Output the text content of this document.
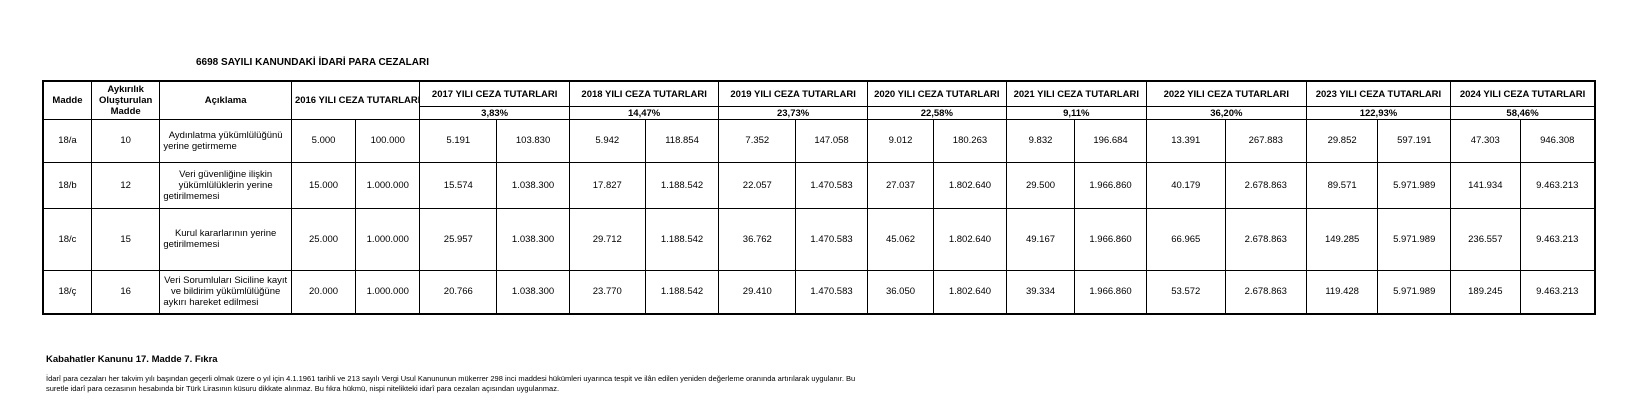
6698 SAYILI KANUNDAKİ İDARİ PARA CEZALARI
Madde	Aykırılık Oluşturulan Madde	Açıklama	2016 YILI CEZA TUTARLARI		2017 YILI CEZA TUTARLARI		2018 YILI CEZA TUTARLARI		2019 YILI CEZA TUTARLARI		2020 YILI CEZA TUTARLARI		2021 YILI CEZA TUTARLARI		2022 YILI CEZA TUTARLARI		2023 YILI CEZA TUTARLARI		2024 YILI CEZA TUTARLARI	
					3,83%		14,47%		23,73%		22,58%		9,11%		36,20%		122,93%		58,46%	
18/a	10	Aydınlatma yükümlülüğünü yerine getirmeme	5.000	100.000	5.191	103.830	5.942	118.854	7.352	147.058	9.012	180.263	9.832	196.684	13.391	267.883	29.852	597.191	47.303	946.308
18/b	12	Veri güvenliğine ilişkin yükümlülüklerin yerine getirilmemesi	15.000	1.000.000	15.574	1.038.300	17.827	1.188.542	22.057	1.470.583	27.037	1.802.640	29.500	1.966.860	40.179	2.678.863	89.571	5.971.989	141.934	9.463.213
18/c	15	Kurul kararlarının yerine getirilmemesi	25.000	1.000.000	25.957	1.038.300	29.712	1.188.542	36.762	1.470.583	45.062	1.802.640	49.167	1.966.860	66.965	2.678.863	149.285	5.971.989	236.557	9.463.213
18/ç	16	Veri Sorumluları Siciline kayıt ve bildirim yükümlülüğüne aykırı hareket edilmesi	20.000	1.000.000	20.766	1.038.300	23.770	1.188.542	29.410	1.470.583	36.050	1.802.640	39.334	1.966.860	53.572	2.678.863	119.428	5.971.989	189.245	9.463.213
Kabahatler Kanunu 17. Madde 7. Fıkra
İdarî para cezaları her takvim yılı başından geçerli olmak üzere o yıl için 4.1.1961 tarihli ve 213 sayılı Vergi Usul Kanununun mükerrer 298 inci maddesi hükümleri uyarınca tespit ve ilân edilen yeniden değerleme oranında artırılarak uygulanır. Bu suretle idarî para cezasının hesabında bir Türk Lirasının küsuru dikkate alınmaz. Bu fıkra hükmü, nispi nitelikteki idarî para cezaları açısından uygulanmaz.
